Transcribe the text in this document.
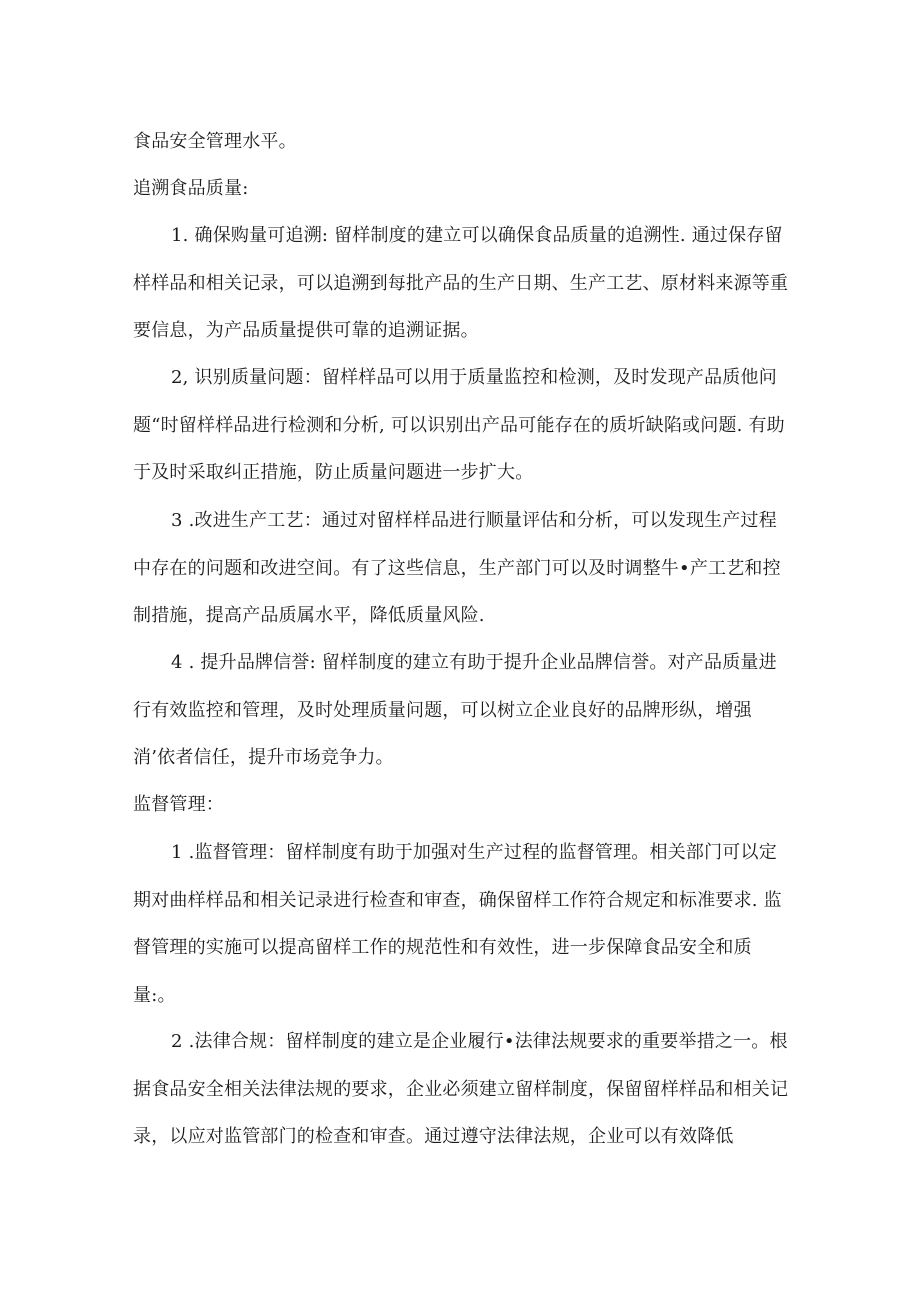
食品安全管理水平。

追溯食品质量:

1. 确保购量可追溯: 留样制度的建立可以确保食品质量的追溯性. 通过保存留样样品和相关记录，可以追溯到每批产品的生产日期、生产工艺、原材料来源等重要信息，为产品质量提供可靠的追溯证据。

2, 识别质量问题：留样样品可以用于质量监控和检测，及时发现产品质他问题“时留样样品进行检测和分析, 可以识别出产品可能存在的质圻缺陷或问题. 有助于及时采取纠正措施，防止质量问题进一步扩大。

3 .改进生产工艺：通过对留样样品进行顺量评估和分析，可以发现生产过程中存在的问题和改进空间。有了这些信息，生产部门可以及时调整牛•产工艺和控制措施，提高产品质属水平，降低质量风险.

4 . 提升品牌信誉: 留样制度的建立有助于提升企业品牌信誉。对产品质量进行有效监控和管理，及时处理质量问题，可以树立企业良好的品牌形纵，增强消’依者信任，提升市场竞争力。

监督管理：

1 .监督管理：留样制度有助于加强对生产过程的监督管理。相关部门可以定期对曲样样品和相关记录进行检查和审查，确保留样工作符合规定和标准要求. 监督管理的实施可以提高留样工作的规范性和有效性，进一步保障食品安全和质量:。

2 .法律合规：留样制度的建立是企业履行•法律法规要求的重要举措之一。根据食品安全相关法律法规的要求，企业必须建立留样制度，保留留样样品和相关记录，以应对监管部门的检查和审查。通过遵守法律法规，企业可以有效降低
